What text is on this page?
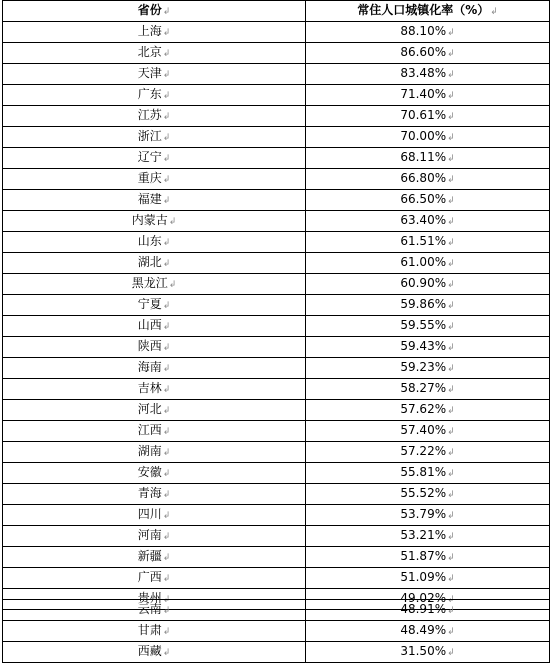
省份↲	常住人口城镇化率（%）↲
上海↲	88.10%↲
北京↲	86.60%↲
天津↲	83.48%↲
广东↲	71.40%↲
江苏↲	70.61%↲
浙江↲	70.00%↲
辽宁↲	68.11%↲
重庆↲	66.80%↲
福建↲	66.50%↲
内蒙古↲	63.40%↲
山东↲	61.51%↲
湖北↲	61.00%↲
黑龙江↲	60.90%↲
宁夏↲	59.86%↲
山西↲	59.55%↲
陕西↲	59.43%↲
海南↲	59.23%↲
吉林↲	58.27%↲
河北↲	57.62%↲
江西↲	57.40%↲
湖南↲	57.22%↲
安徽↲	55.81%↲
青海↲	55.52%↲
四川↲	53.79%↲
河南↲	53.21%↲
新疆↲	51.87%↲
广西↲	51.09%↲
贵州↲	49.02%↲
云南↲	48.91%↲
甘肃↲	48.49%↲
西藏↲	31.50%↲
